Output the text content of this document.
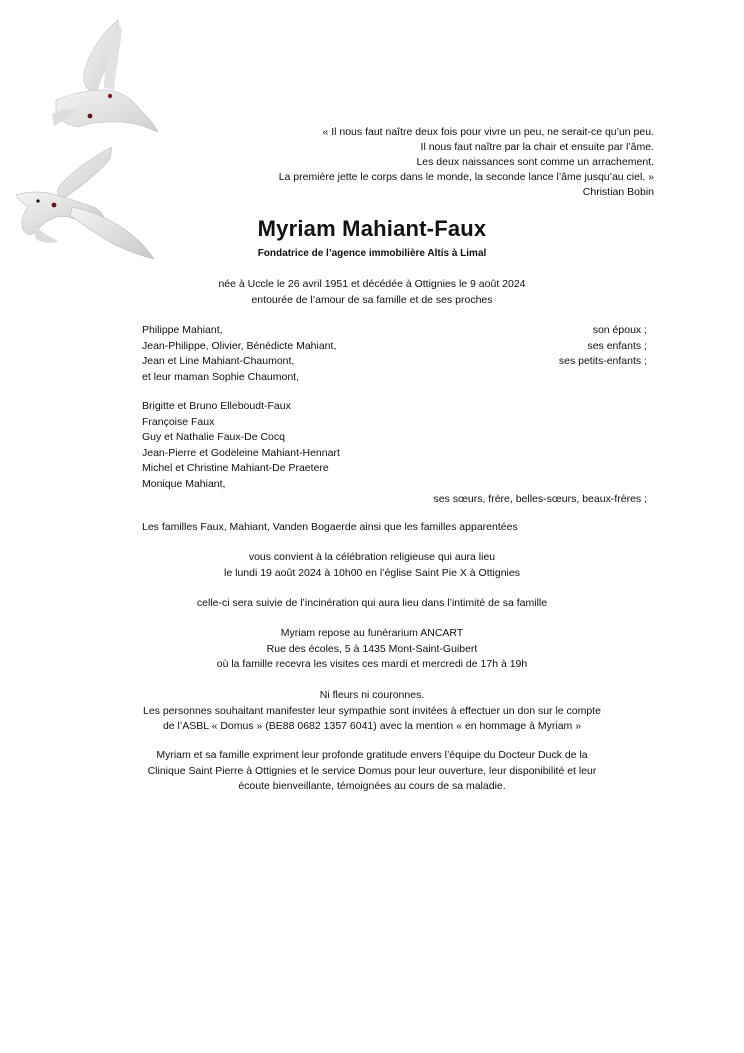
« Il nous faut naître deux fois pour vivre un peu, ne serait-ce qu’un peu.
Il nous faut naître par la chair et ensuite par l’âme.
Les deux naissances sont comme un arrachement.
La première jette le corps dans le monde, la seconde lance l’âme jusqu’au ciel. »
Christian Bobin
Myriam Mahiant-Faux
Fondatrice de l’agence immobilière Altis à Limal
née à Uccle le 26 avril 1951 et décédée à Ottignies le 9 août 2024
entourée de l’amour de sa famille et de ses proches
Philippe Mahiant,	son époux ;
Jean-Philippe, Olivier, Bénédicte Mahiant,	ses enfants ;
Jean et Line Mahiant-Chaumont,	ses petits-enfants ;
et leur maman Sophie Chaumont,
Brigitte et Bruno Elleboudt-Faux
Françoise Faux
Guy et Nathalie Faux-De Cocq
Jean-Pierre et Godeleine Mahiant-Hennart
Michel et Christine Mahiant-De Praetere
Monique Mahiant,
ses sœurs, frère, belles-sœurs, beaux-frères ;
Les familles Faux, Mahiant, Vanden Bogaerde ainsi que les familles apparentées
vous convient à la célébration religieuse qui aura lieu
le lundi 19 août 2024 à 10h00 en l’église Saint Pie X à Ottignies
celle-ci sera suivie de l’incinération qui aura lieu dans l’intimité de sa famille
Myriam repose au funérarium ANCART
Rue des écoles, 5 à 1435 Mont-Saint-Guibert
où la famille recevra les visites ces mardi et mercredi de 17h à 19h
Ni fleurs ni couronnes.
Les personnes souhaitant manifester leur sympathie sont invitées à effectuer un don sur le compte
de l’ASBL « Domus » (BE88 0682 1357 6041) avec la mention « en hommage à Myriam »
Myriam et sa famille expriment leur profonde gratitude envers l’équipe du Docteur Duck de la
Clinique Saint Pierre à Ottignies et le service Domus pour leur ouverture, leur disponibilité et leur
écoute bienveillante, témoignées au cours de sa maladie.
